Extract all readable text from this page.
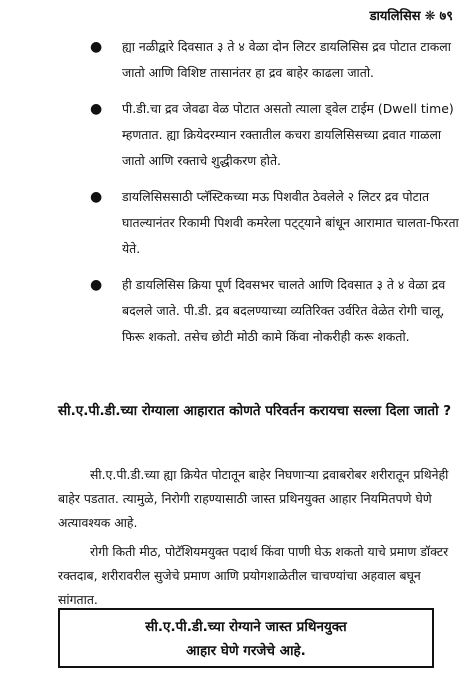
डायलिसिस ❋ ७९
● ह्या नळीद्वारे दिवसात ३ ते ४ वेळा दोन लिटर डायलिसिस द्रव पोटात टाकला जातो आणि विशिष्ट तासानंतर हा द्रव बाहेर काढला जातो.
● पी.डी.चा द्रव जेवढा वेळ पोटात असतो त्याला ड्वेल टाईम (Dwell time) म्हणतात. ह्या क्रियेदरम्यान रक्तातील कचरा डायलिसिसच्या द्रवात गाळला जातो आणि रक्ताचे शुद्धीकरण होते.
● डायलिसिससाठी प्लॅस्टिकच्या मऊ पिशवीत ठेवलेले २ लिटर द्रव पोटात घातल्यानंतर रिकामी पिशवी कमरेला पट्ट्याने बांधून आरामात चालता-फिरता येते.
● ही डायलिसिस क्रिया पूर्ण दिवसभर चालते आणि दिवसात ३ ते ४ वेळा द्रव बदलले जाते. पी.डी. द्रव बदलण्याच्या व्यतिरिक्त उर्वरित वेळेत रोगी चालू, फिरू शकतो. तसेच छोटी मोठी कामे किंवा नोकरीही करू शकतो.
सी.ए.पी.डी.च्या रोग्याला आहारात कोणते परिवर्तन करायचा सल्ला दिला जातो ?

सी.ए.पी.डी.च्या ह्या क्रियेत पोटातून बाहेर निघणाऱ्या द्रवाबरोबर शरीरातून प्रथिनेही बाहेर पडतात. त्यामुळे, निरोगी राहण्यासाठी जास्त प्रथिनयुक्त आहार नियमितपणे घेणे अत्यावश्यक आहे.

रोगी किती मीठ, पोटॅशियमयुक्त पदार्थ किंवा पाणी घेऊ शकतो याचे प्रमाण डॉक्टर रक्तदाब, शरीरावरील सुजेचे प्रमाण आणि प्रयोगशाळेतील चाचण्यांचा अहवाल बघून सांगतात.

सी.ए.पी.डी.च्या रोग्याने जास्त प्रथिनयुक्त
आहार घेणे गरजेचे आहे.
